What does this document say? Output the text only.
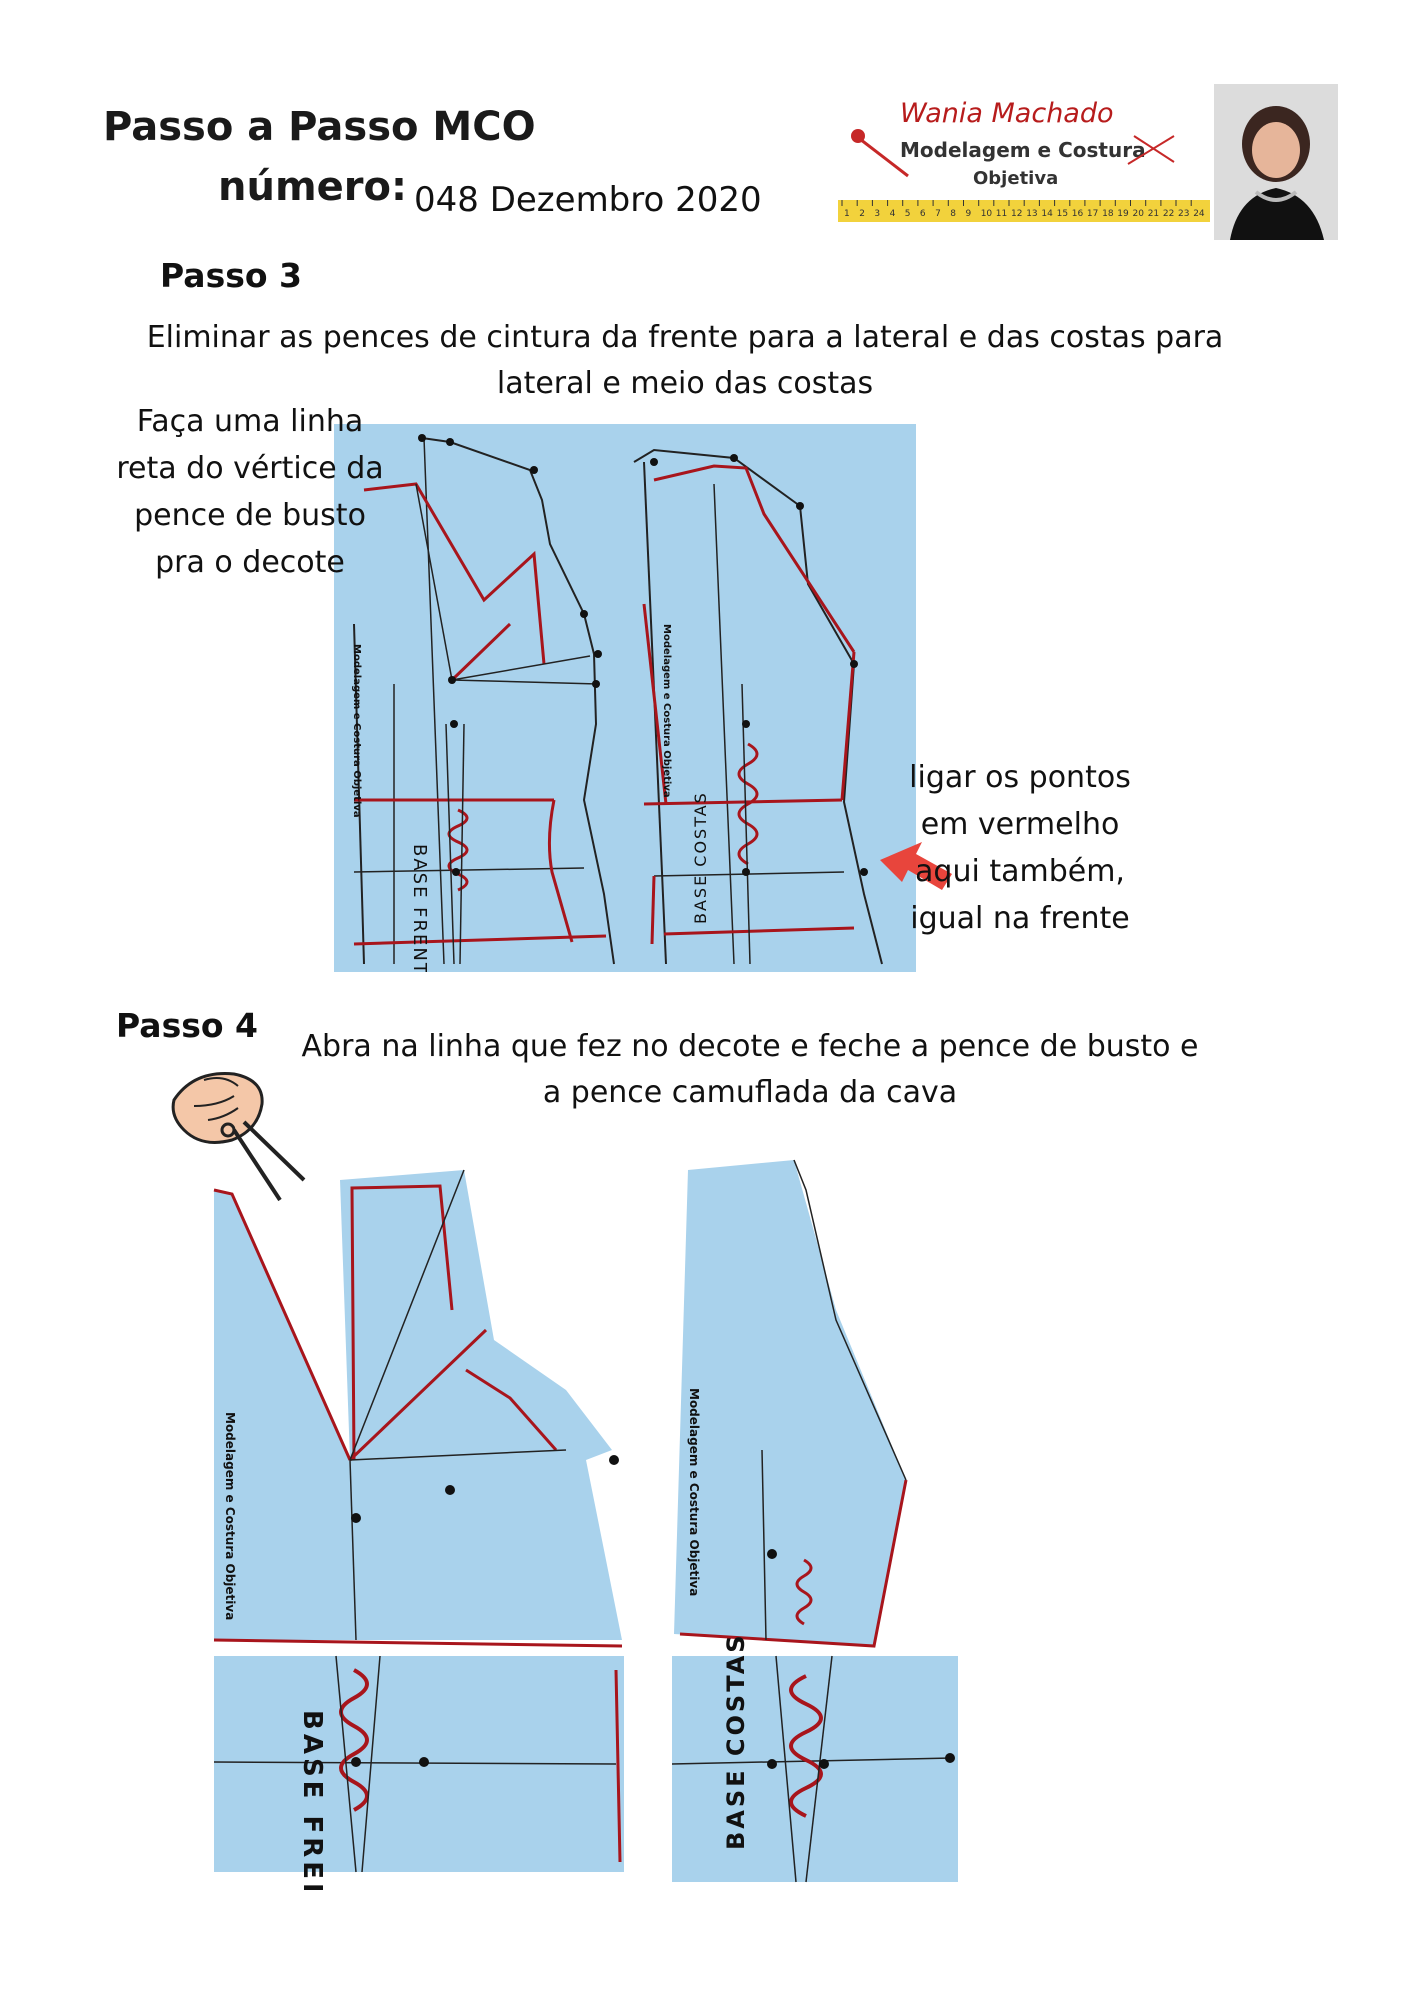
Passo a Passo MCO
número: 048 Dezembro 2020
Wania Machado
Modelagem e Costura
Objetiva
1 2 3 4 5 6 7 8 9 10 11 12 13 14 15 16 17 18 19 20 21 22 23 24
Passo 3
Eliminar as pences de cintura da frente para a lateral e das costas para
lateral e meio das costas
Modelagem e Costura Objetiva
BASE FRENTE
Modelagem e Costura Objetiva
BASE COSTAS
Faça uma linha
reta do vértice da
pence de busto
pra o decote
ligar os pontos
em vermelho
aqui também,
igual na frente
Passo 4
Abra na linha que fez no decote e feche a pence de busto e
a pence camuflada da cava
Modelagem e Costura Objetiva	Modelagem e Costura Objetiva
BASE FRENTE	BASE COSTAS
